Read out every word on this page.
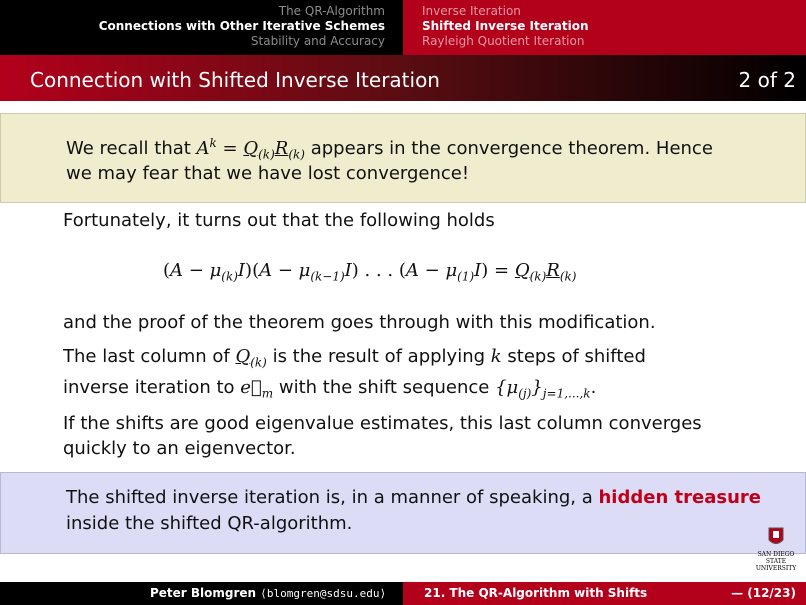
The QR-Algorithm
Connections with Other Iterative Schemes
Stability and Accuracy
Inverse Iteration
Shifted Inverse Iteration
Rayleigh Quotient Iteration
Connection with Shifted Inverse Iteration	2 of 2
We recall that $A^k = Q_{(k)}R_{(k)}$ appears in the convergence theorem. Hence
we may fear that we have lost convergence!
Fortunately, it turns out that the following holds
$(A - \mu_{(k)}I)(A - \mu_{(k-1)}I)$ . . . $(A - \mu_{(1)}I) = Q_{(k)}R_{(k)}$
and the proof of the theorem goes through with this modification.
The last column of $Q_{(k)}$ is the result of applying k steps of shifted
inverse iteration to $e⃗_m$ with the shift sequence $\{\mu_{(j)}\}_{j=1,...,k}$.
If the shifts are good eigenvalue estimates, this last column converges
quickly to an eigenvector.
The shifted inverse iteration is, in a manner of speaking, a hidden treasure
inside the shifted QR-algorithm.
SAN DIEGO STATE
UNIVERSITY
Peter Blomgren ⟨blomgren@sdsu.edu⟩	21. The QR-Algorithm with Shifts	— (12/23)
